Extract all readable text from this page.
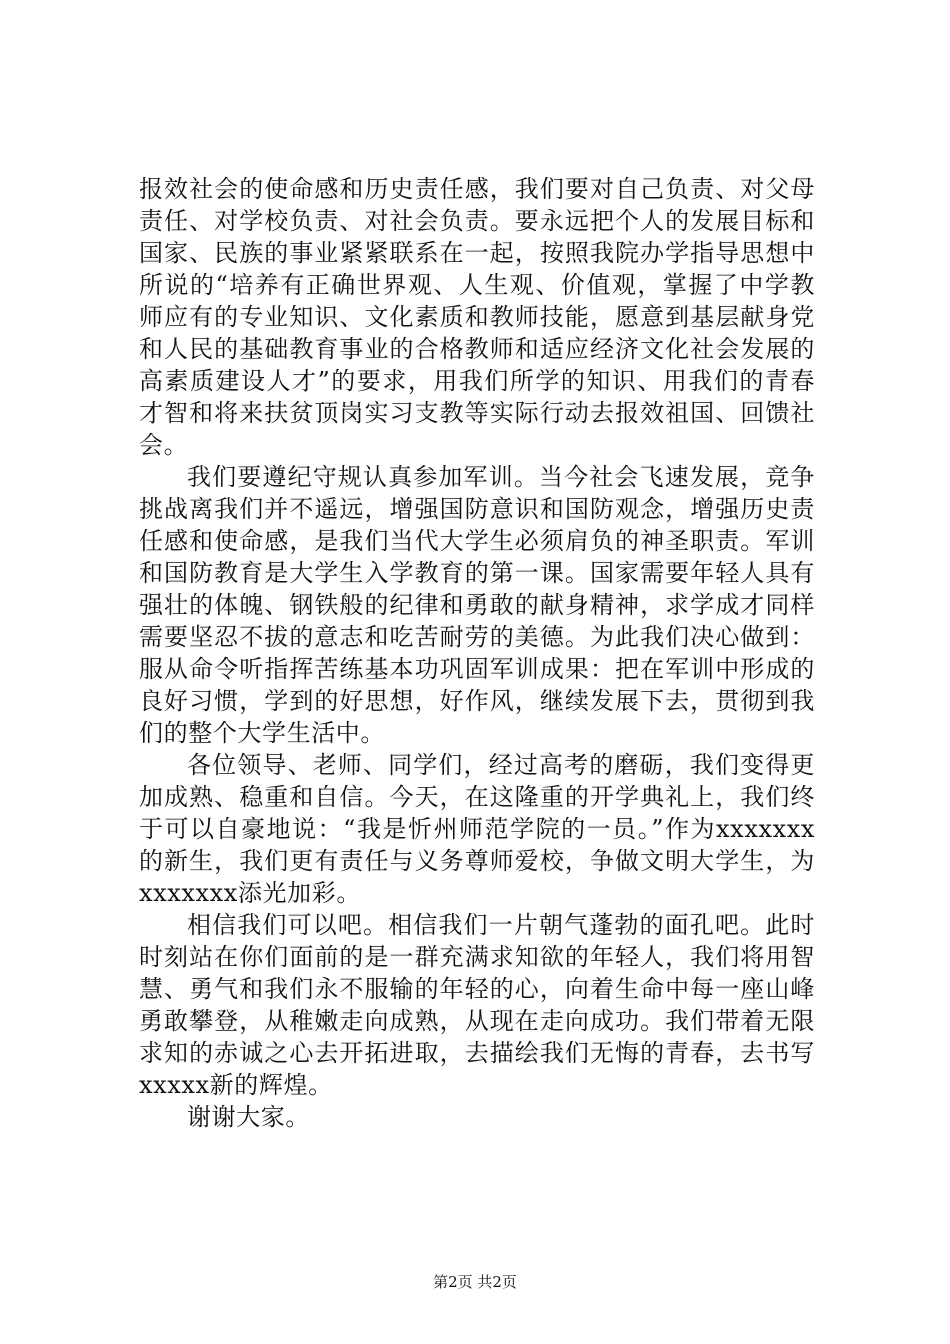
报效社会的使命感和历史责任感，我们要对自己负责、对父母责任、对学校负责、对社会负责。要永远把个人的发展目标和国家、民族的事业紧紧联系在一起，按照我院办学指导思想中所说的“培养有正确世界观、人生观、价值观，掌握了中学教师应有的专业知识、文化素质和教师技能，愿意到基层献身党和人民的基础教育事业的合格教师和适应经济文化社会发展的高素质建设人才”的要求，用我们所学的知识、用我们的青春才智和将来扶贫顶岗实习支教等实际行动去报效祖国、回馈社会。

我们要遵纪守规认真参加军训。当今社会飞速发展，竞争挑战离我们并不遥远，增强国防意识和国防观念，增强历史责任感和使命感，是我们当代大学生必须肩负的神圣职责。军训和国防教育是大学生入学教育的第一课。国家需要年轻人具有强壮的体魄、钢铁般的纪律和勇敢的献身精神，求学成才同样需要坚忍不拔的意志和吃苦耐劳的美德。为此我们决心做到：服从命令听指挥苦练基本功巩固军训成果：把在军训中形成的良好习惯，学到的好思想，好作风，继续发展下去，贯彻到我们的整个大学生活中。

各位领导、老师、同学们，经过高考的磨砺，我们变得更加成熟、稳重和自信。今天，在这隆重的开学典礼上，我们终于可以自豪地说：“我是忻州师范学院的一员。”作为xxxxxxx的新生，我们更有责任与义务尊师爱校，争做文明大学生，为xxxxxxx添光加彩。

相信我们可以吧。相信我们一片朝气蓬勃的面孔吧。此时时刻站在你们面前的是一群充满求知欲的年轻人，我们将用智慧、勇气和我们永不服输的年轻的心，向着生命中每一座山峰勇敢攀登，从稚嫩走向成熟，从现在走向成功。我们带着无限求知的赤诚之心去开拓进取，去描绘我们无悔的青春，去书写xxxxx新的辉煌。

谢谢大家。

第2页 共2页
